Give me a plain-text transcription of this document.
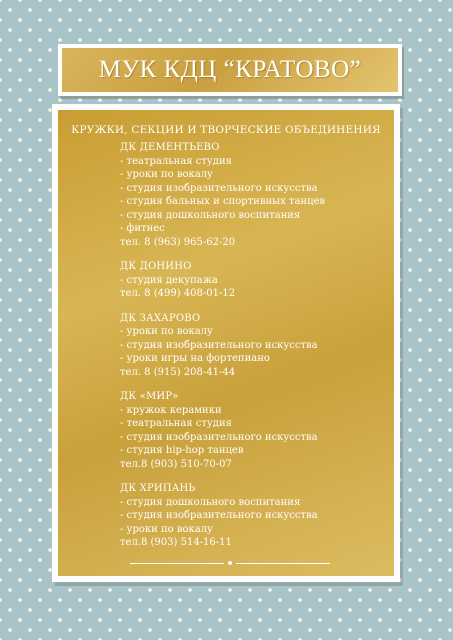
МУК КДЦ “КРАТОВО”
КРУЖКИ, СЕКЦИИ И ТВОРЧЕСКИЕ ОБЪЕДИНЕНИЯ
ДК ДЕМЕНТЬЕВО
- театральная студия
- уроки по вокалу
- студия изобразительного искусства
- студия бальных и спортивных танцев
- студия дошкольного воспитания
- фитнес
тел. 8 (963) 965-62-20
ДК ДОНИНО
- студия декупажа
тел. 8 (499) 408-01-12
ДК ЗАХАРОВО
- уроки по вокалу
- студия изобразительного искусства
- уроки игры на фортепиано
тел. 8 (915) 208-41-44
ДК «МИР»
- кружок керамики
- театральная студия
- студия изобразительного искусства
- студия hip-hop танцев
тел.8 (903) 510-70-07
ДК ХРИПАНЬ
- студия дошкольного воспитания
- студия изобразительного искусства
- уроки по вокалу
тел.8 (903) 514-16-11
